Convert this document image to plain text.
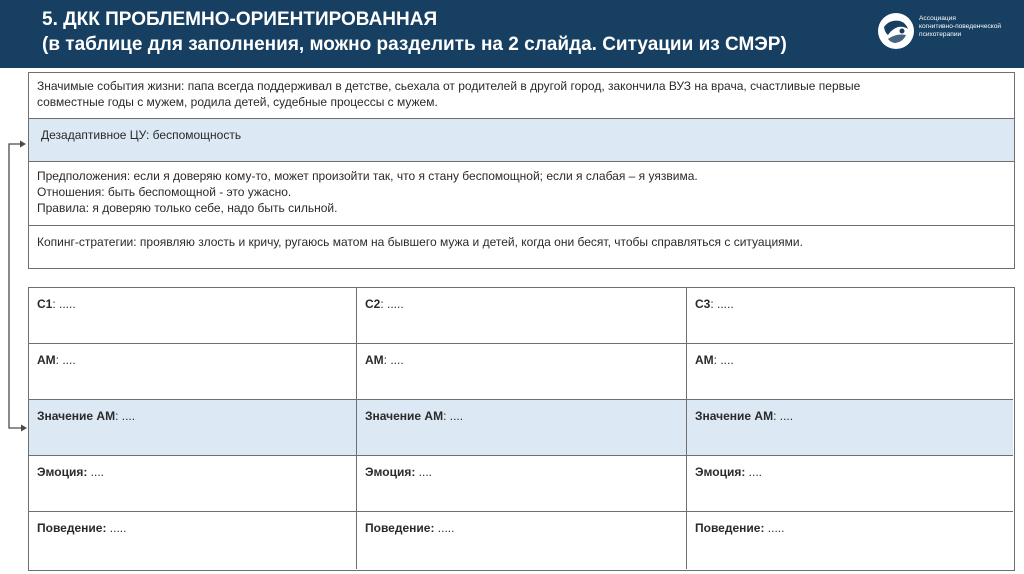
5. ДКК ПРОБЛЕМНО-ОРИЕНТИРОВАННАЯ
(в таблице для заполнения, можно разделить на 2 слайда. Ситуации из СМЭР)
Ассоциация
когнитивно-поведенческой
психотерапии
Значимые события жизни: папа всегда поддерживал в детстве, сьехала от родителей в другой город, закончила ВУЗ на врача, счастливые первые
совместные годы с мужем, родила детей, судебные процессы с мужем.
Дезадаптивное ЦУ: беспомощность
Предположения: если я доверяю кому-то, может произойти так, что я стану беспомощной; если я слабая – я уязвима.
Отношения: быть беспомощной - это ужасно.
Правила: я доверяю только себе, надо быть сильной.
Копинг-стратегии: проявляю злость и кричу, ругаюсь матом на бывшего мужа и детей, когда они бесят, чтобы справляться с ситуациями.
С1: .....
АМ: ....
Значение АМ: ....
Эмоция: ....
Поведение: .....
С2: .....
АМ: ....
Значение АМ: ....
Эмоция: ....
Поведение: .....
С3: .....
АМ: ....
Значение АМ: ....
Эмоция: ....
Поведение: .....
